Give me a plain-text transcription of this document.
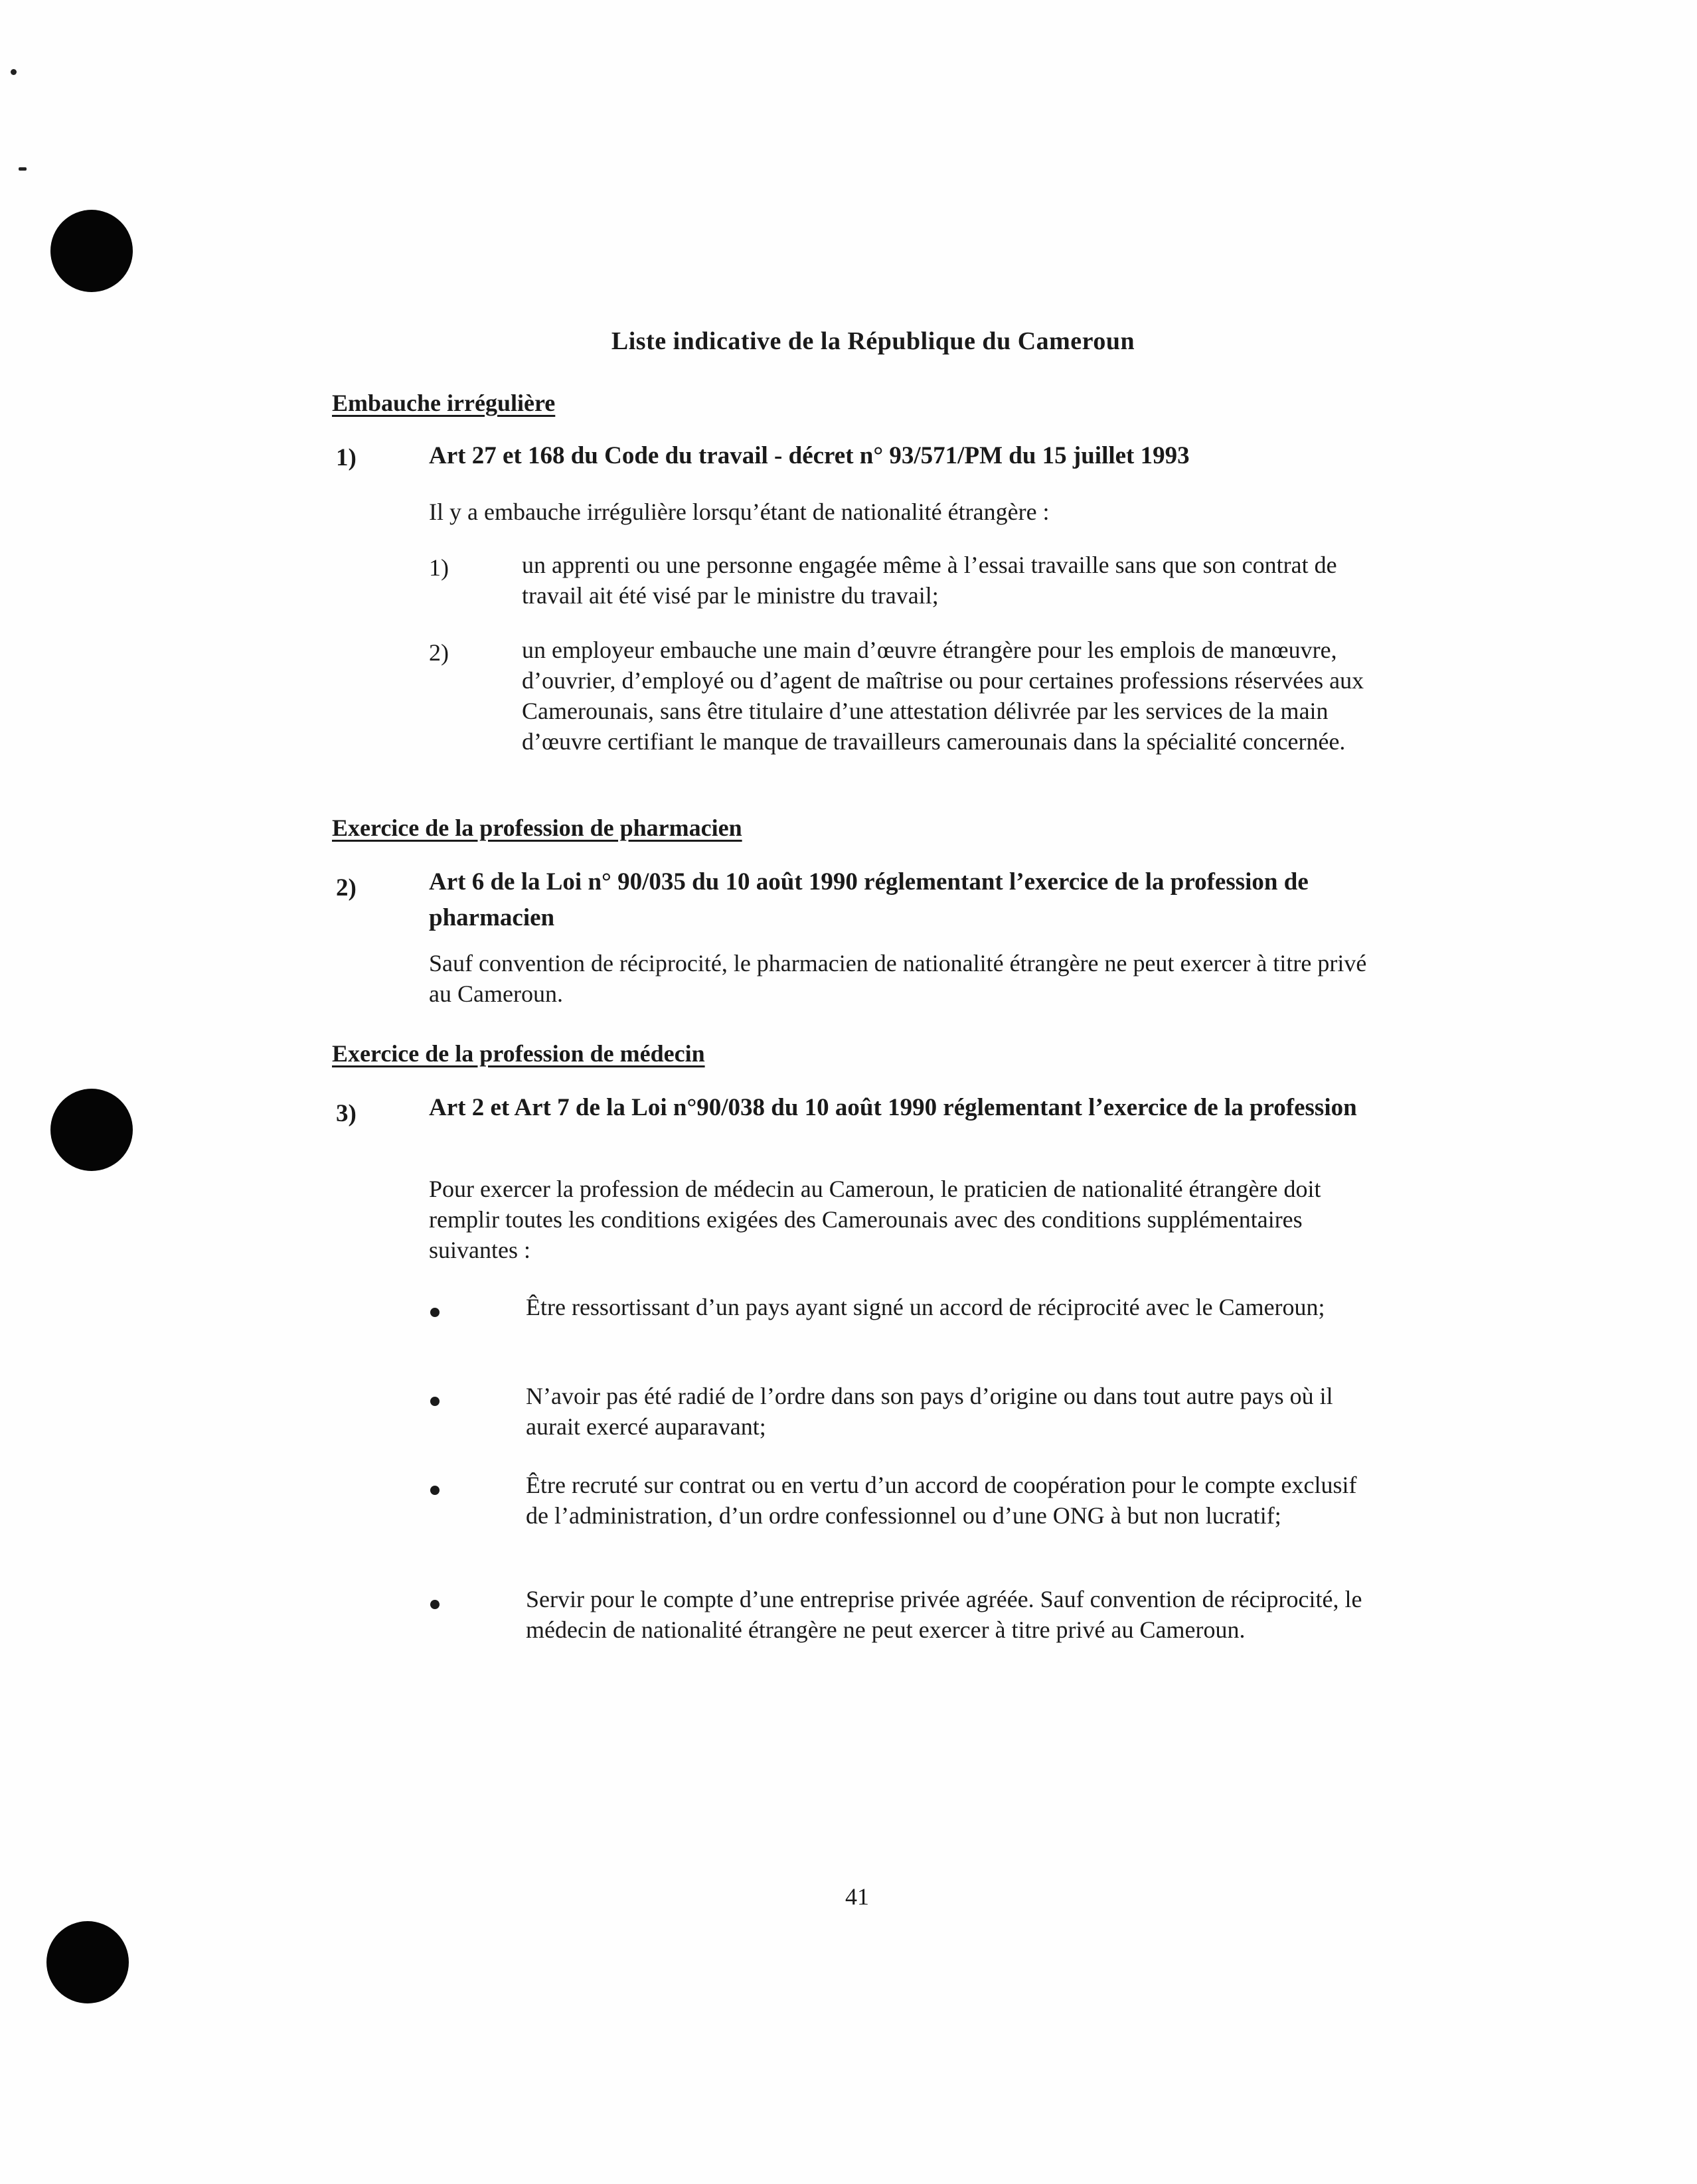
Liste indicative de la République du Cameroun
Embauche irrégulière
1)	Art 27 et 168 du Code du travail - décret n° 93/571/PM du 15 juillet 1993
Il y a embauche irrégulière lorsqu’étant de nationalité étrangère :
1)	un apprenti ou une personne engagée même à l’essai travaille sans que son contrat de travail ait été visé par le ministre du travail;
2)	un employeur embauche une main d’œuvre étrangère pour les emplois de manœuvre, d’ouvrier, d’employé ou d’agent de maîtrise ou pour certaines professions réservées aux Camerounais, sans être titulaire d’une attestation délivrée par les services de la main d’œuvre certifiant le manque de travailleurs camerounais dans la spécialité concernée.
Exercice de la profession de pharmacien
2)	Art 6 de la Loi n° 90/035 du 10 août 1990 réglementant l’exercice de la profession de pharmacien
Sauf convention de réciprocité, le pharmacien de nationalité étrangère ne peut exercer à titre privé au Cameroun.
Exercice de la profession de médecin
3)	Art 2 et Art 7 de la Loi n°90/038 du 10 août 1990 réglementant l’exercice de la profession
Pour exercer la profession de médecin au Cameroun, le praticien de nationalité étrangère doit remplir toutes les conditions exigées des Camerounais avec des conditions supplémentaires suivantes :
Être ressortissant d’un pays ayant signé un accord de réciprocité avec le Cameroun;
N’avoir pas été radié de l’ordre dans son pays d’origine ou dans tout autre pays où il aurait exercé auparavant;
Être recruté sur contrat ou en vertu d’un accord de coopération pour le compte exclusif de l’administration, d’un ordre confessionnel ou d’une ONG à but non lucratif;
Servir pour le compte d’une entreprise privée agréée. Sauf convention de réciprocité, le médecin de nationalité étrangère ne peut exercer à titre privé au Cameroun.
41
